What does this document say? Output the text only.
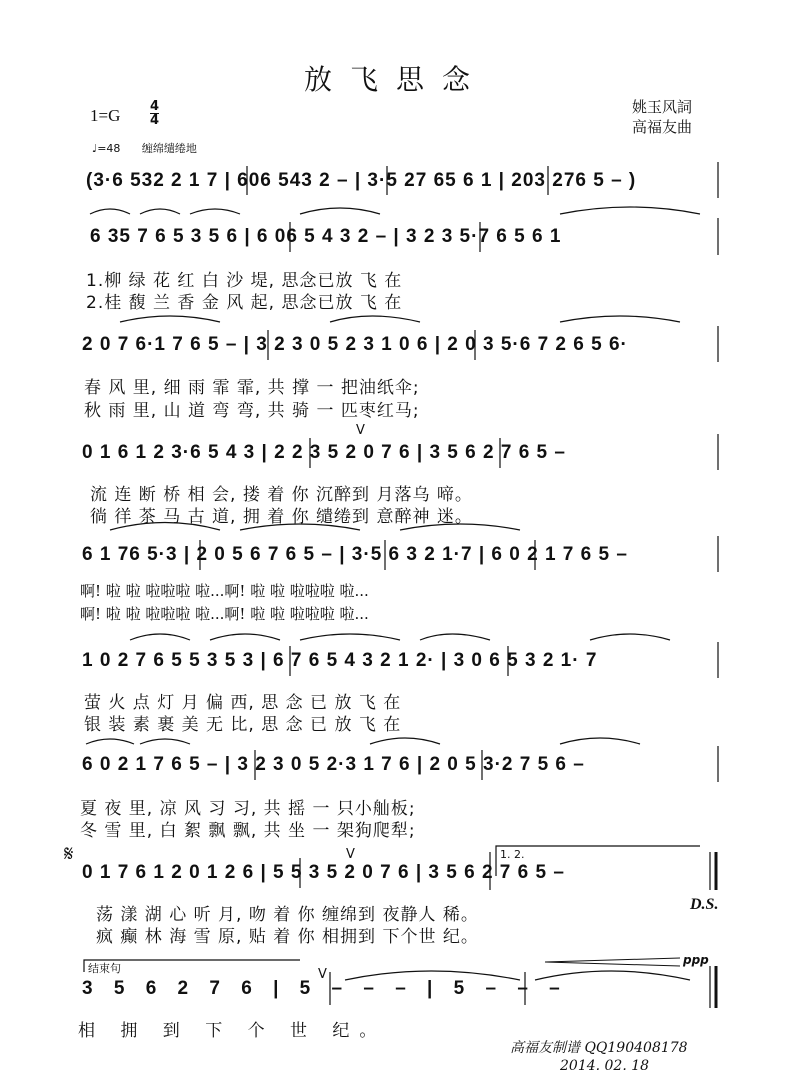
放飞思念
1=G 4
4
♩=48 缠绵缱绻地
姚玉风詞
高福友曲
V
V
V
(3·6 532 2 1 7 | 606 543 2 – | 3·5 27 65 6 1 | 203 276 5 – )
6 35 7 6 5 3 5 6 | 6 06 5 4 3 2 – | 3 2 3 5·7 6 5 6 1
1.柳 绿 花 红 白 沙 堤, 思念已放 飞 在
2.桂 馥 兰 香 金 风 起, 思念已放 飞 在
2 0 7 6·1 7 6 5 – | 3 2 3 0 5 2 3 1 0 6 | 2 0 3 5·6 7 2 6 5 6·
春 风 里, 细 雨 霏 霏, 共 撑 一 把油纸伞;
秋 雨 里, 山 道 弯 弯, 共 骑 一 匹枣红马;
0 1 6 1 2 3·6 5 4 3 | 2 2 3 5 2 0 7 6 | 3 5 6 2 7 6 5 –
流 连 断 桥 相 会, 搂 着 你 沉醉到 月落乌 啼。
徜 徉 茶 马 古 道, 拥 着 你 缱绻到 意醉神 迷。
6 1 76 5·3 | 2 0 5 6 7 6 5 – | 3·5 6 3 2 1·7 | 6 0 2 1 7 6 5 –
啊! 啦 啦 啦啦啦 啦...啊! 啦 啦 啦啦啦 啦...
啊! 啦 啦 啦啦啦 啦...啊! 啦 啦 啦啦啦 啦...
1 0 2 7 6 5 5 3 5 3 | 6 7 6 5 4 3 2 1 2· | 3 0 6 5 3 2 1· 7
萤 火 点 灯 月 偏 西, 思 念 已 放 飞 在
银 装 素 裹 美 无 比, 思 念 已 放 飞 在
6 0 2 1 7 6 5 – | 3 2 3 0 5 2·3 1 7 6 | 2 0 5 3·2 7 5 6 –
夏 夜 里, 凉 风 习 习, 共 摇 一 只小舢板;
冬 雪 里, 白 絮 飘 飘, 共 坐 一 架狗爬犁;
𝄋	1. 2.
0 1 7 6 1 2 0 1 2 6 | 5 5 3 5 2 0 7 6 | 3 5 6 2 7 6 5 –
D.S.
荡 漾 湖 心 听 月, 吻 着 你 缠绵到 夜静人 稀。
疯 癫 林 海 雪 原, 贴 着 你 相拥到 下个世 纪。
结束句
ppp
3 5 6 2 7 6 | 5 – – – | 5 – – –
相 拥 到 下 个 世 纪。
高福友制谱 QQ190408178
2014. 02. 18
